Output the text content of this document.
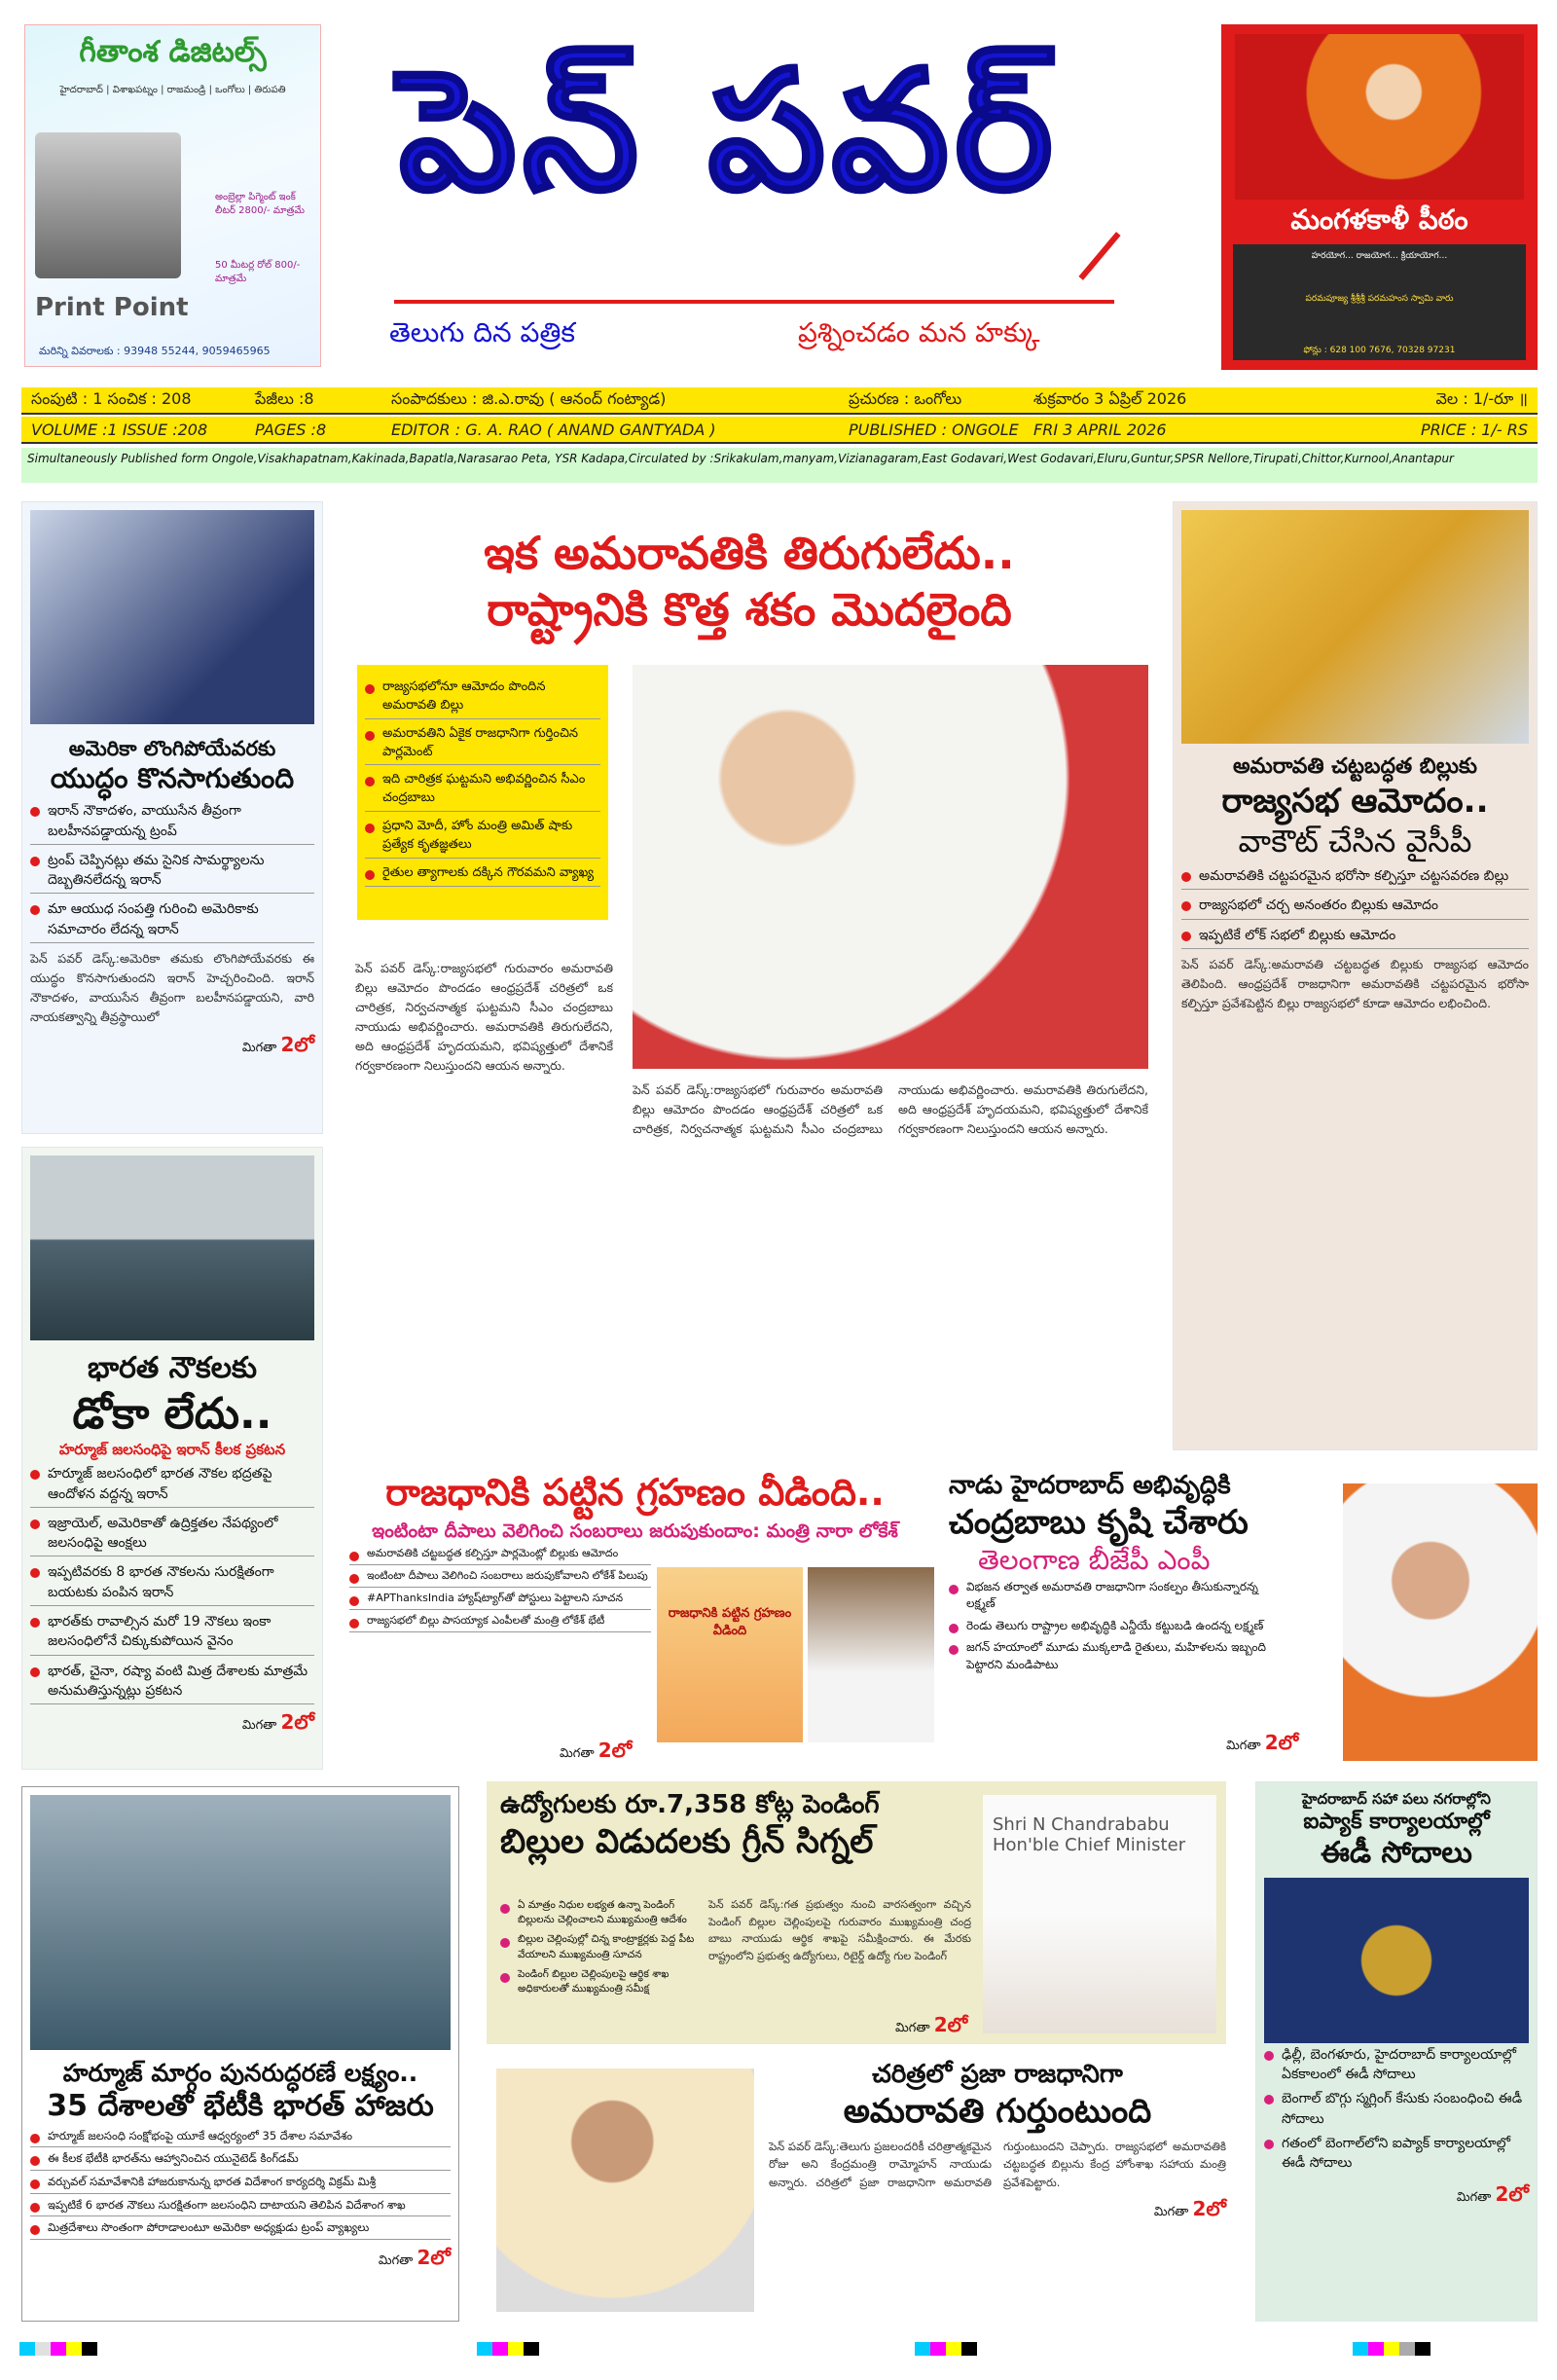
గీతాంశ డిజిటల్స్
హైదరాబాద్ | విశాఖపట్నం | రాజమండ్రి | ఒంగోలు | తిరుపతి
అంబ్రెల్లా పిగ్మెంట్ ఇంక్ లీటర్ 2800/- మాత్రమే
50 మీటర్ల రోల్ 800/- మాత్రమే
Print Point
మరిన్ని వివరాలకు : 93948 55244, 9059465965
పెన్ పవర్
తెలుగు దిన పత్రిక	ప్రశ్నించడం మన హక్కు
మంగళకాళీ పీఠం
హరయోగ... రాజయోగ... క్రియాయోగ...
పరమపూజ్య శ్రీశ్రీశ్రీ పరమహంస స్వామి వారు
ఫోన్లు : 628 100 7676, 70328 97231
సంపుటి : 1 సంచిక : 208	పేజీలు :8	సంపాదకులు : జి.ఎ.రావు ( ఆనంద్ గంట్యాడ)	ప్రచురణ : ఒంగోలు	శుక్రవారం 3 ఏప్రిల్ 2026	వెల : 1/-రూ ॥
VOLUME :1 ISSUE :208	PAGES :8	EDITOR : G. A. RAO ( ANAND GANTYADA )	PUBLISHED : ONGOLE FRI 3 APRIL 2026	PRICE : 1/- RS
Simultaneously Published form Ongole,Visakhapatnam,Kakinada,Bapatla,Narasarao Peta, YSR Kadapa,Circulated by :Srikakulam,manyam,Vizianagaram,East Godavari,West Godavari,Eluru,Guntur,SPSR Nellore,Tirupati,Chittor,Kurnool,Anantapur
అమెరికా లొంగిపోయేవరకు
యుద్ధం కొనసాగుతుంది
ఇరాన్ నౌకాదళం, వాయుసేన తీవ్రంగా బలహీనపడ్డాయన్న ట్రంప్
ట్రంప్ చెప్పినట్లు తమ సైనిక సామర్థ్యాలను దెబ్బతినలేదన్న ఇరాన్
మా ఆయుధ సంపత్తి గురించి అమెరికాకు సమాచారం లేదన్న ఇరాన్
పెన్ పవర్ డెస్క్:అమెరికా తమకు లొంగిపోయేవరకు ఈ యుద్ధం కొనసాగుతుందని ఇరాన్ హెచ్చరించింది. ఇరాన్ నౌకాదళం, వాయుసేన తీవ్రంగా బలహీనపడ్డాయని, వారి నాయకత్వాన్ని తీవ్రస్థాయిలో
మిగతా 2లో
భారత నౌకలకు
డోకా లేదు..
హర్మూజ్ జలసంధిపై ఇరాన్ కీలక ప్రకటన
హర్మూజ్ జలసంధిలో భారత నౌకల భద్రతపై ఆందోళన వద్దన్న ఇరాన్
ఇజ్రాయెల్, అమెరికాతో ఉద్రిక్తతల నేపథ్యంలో జలసంధిపై ఆంక్షలు
ఇప్పటివరకు 8 భారత నౌకలను సురక్షితంగా బయటకు పంపిన ఇరాన్
భారత్‌కు రావాల్సిన మరో 19 నౌకలు ఇంకా జలసంధిలోనే చిక్కుకుపోయిన వైనం
భారత్, చైనా, రష్యా వంటి మిత్ర దేశాలకు మాత్రమే అనుమతిస్తున్నట్లు ప్రకటన
మిగతా 2లో
ఇక అమరావతికి తిరుగులేదు..
రాష్ట్రానికి కొత్త శకం మొదలైంది
రాజ్యసభలోనూ ఆమోదం పొందిన అమరావతి బిల్లు
అమరావతిని ఏకైక రాజధానిగా గుర్తించిన పార్లమెంట్
ఇది చారిత్రక ఘట్టమని అభివర్ణించిన సీఎం చంద్రబాబు
ప్రధాని మోదీ, హోం మంత్రి అమిత్ షాకు ప్రత్యేక కృతజ్ఞతలు
రైతుల త్యాగాలకు దక్కిన గౌరవమని వ్యాఖ్య
పెన్ పవర్ డెస్క్:రాజ్యసభలో గురువారం అమరావతి బిల్లు ఆమోదం పొందడం ఆంధ్రప్రదేశ్ చరిత్రలో ఒక చారిత్రక, నిర్వచనాత్మక ఘట్టమని సీఎం చంద్రబాబు నాయుడు అభివర్ణించారు. అమరావతికి తిరుగులేదని, అది ఆంధ్రప్రదేశ్ హృదయమని, భవిష్యత్తులో దేశానికే గర్వకారణంగా నిలుస్తుందని ఆయన అన్నారు.
పెన్ పవర్ డెస్క్:రాజ్యసభలో గురువారం అమరావతి బిల్లు ఆమోదం పొందడం ఆంధ్రప్రదేశ్ చరిత్రలో ఒక చారిత్రక, నిర్వచనాత్మక ఘట్టమని సీఎం చంద్రబాబు నాయుడు అభివర్ణించారు. అమరావతికి తిరుగులేదని, అది ఆంధ్రప్రదేశ్ హృదయమని, భవిష్యత్తులో దేశానికే గర్వకారణంగా నిలుస్తుందని ఆయన అన్నారు.
అమరావతి చట్టబద్ధత బిల్లుకు
రాజ్యసభ ఆమోదం..
వాకౌట్ చేసిన వైసీపీ
అమరావతికి చట్టపరమైన భరోసా కల్పిస్తూ చట్టసవరణ బిల్లు
రాజ్యసభలో చర్చ అనంతరం బిల్లుకు ఆమోదం
ఇప్పటికే లోక్ సభలో బిల్లుకు ఆమోదం
పెన్ పవర్ డెస్క్:అమరావతి చట్టబద్ధత బిల్లుకు రాజ్యసభ ఆమోదం తెలిపింది. ఆంధ్రప్రదేశ్ రాజధానిగా అమరావతికి చట్టపరమైన భరోసా కల్పిస్తూ ప్రవేశపెట్టిన బిల్లు రాజ్యసభలో కూడా ఆమోదం లభించింది.
రాజధానికి పట్టిన గ్రహణం వీడింది..
ఇంటింటా దీపాలు వెలిగించి సంబరాలు జరుపుకుందాం: మంత్రి నారా లోకేశ్
అమరావతికి చట్టబద్ధత కల్పిస్తూ పార్లమెంట్లో బిల్లుకు ఆమోదం
ఇంటింటా దీపాలు వెలిగించి సంబరాలు జరుపుకోవాలని లోకేశ్ పిలుపు
#APThanksIndia హ్యాష్‌ట్యాగ్‌తో పోస్టులు పెట్టాలని సూచన
రాజ్యసభలో బిల్లు పాసయ్యాక ఎంపీలతో మంత్రి లోకేశ్ భేటీ	రాజధానికి పట్టిన గ్రహణం వీడింది
మిగతా 2లో
నాడు హైదరాబాద్ అభివృద్ధికి
చంద్రబాబు కృషి చేశారు
తెలంగాణ బీజేపీ ఎంపీ
విభజన తర్వాత అమరావతి రాజధానిగా సంకల్పం తీసుకున్నారన్న లక్ష్మణ్
రెండు తెలుగు రాష్ట్రాల అభివృద్ధికి ఎన్డీయే కట్టుబడి ఉందన్న లక్ష్మణ్
జగన్ హయాంలో మూడు ముక్కలాడి రైతులు, మహిళలను ఇబ్బంది పెట్టారని మండిపాటు
మిగతా 2లో
హర్మూజ్ మార్గం పునరుద్ధరణే లక్ష్యం..
35 దేశాలతో భేటీకి భారత్ హాజరు
హర్మూజ్ జలసంధి సంక్షోభంపై యూకే ఆధ్వర్యంలో 35 దేశాల సమావేశం
ఈ కీలక భేటీకి భారత్‌ను ఆహ్వానించిన యునైటెడ్ కింగ్‌డమ్
వర్చువల్ సమావేశానికి హాజరుకానున్న భారత విదేశాంగ కార్యదర్శి విక్రమ్ మిశ్రీ
ఇప్పటికే 6 భారత నౌకలు సురక్షితంగా జలసంధిని దాటాయని తెలిపిన విదేశాంగ శాఖ
మిత్రదేశాలు సొంతంగా పోరాడాలంటూ అమెరికా అధ్యక్షుడు ట్రంప్ వ్యాఖ్యలు
మిగతా 2లో
ఉద్యోగులకు రూ.7,358 కోట్ల పెండింగ్
బిల్లుల విడుదలకు గ్రీన్ సిగ్నల్
ఏ మాత్రం నిధుల లభ్యత ఉన్నా పెండింగ్ బిల్లులను చెల్లించాలని ముఖ్యమంత్రి ఆదేశం
బిల్లుల చెల్లింపుల్లో చిన్న కాంట్రాక్టర్లకు పెద్ద పీట వేయాలని ముఖ్యమంత్రి సూచన
పెండింగ్ బిల్లుల చెల్లింపులపై ఆర్థిక శాఖ అధికారులతో ముఖ్యమంత్రి సమీక్ష
పెన్ పవర్ డెస్క్:గత ప్రభుత్వం నుంచి వారసత్వంగా వచ్చిన పెండింగ్ బిల్లుల చెల్లింపులపై గురువారం ముఖ్యమంత్రి చంద్ర బాబు నాయుడు ఆర్థిక శాఖపై సమీక్షించారు. ఈ మేరకు రాష్ట్రంలోని ప్రభుత్వ ఉద్యోగులు, రిటైర్డ్ ఉద్యో గుల పెండింగ్
మిగతా 2లో
Shri N Chandrababu Hon'ble Chief Minister
చరిత్రలో ప్రజా రాజధానిగా
అమరావతి గుర్తుంటుంది
పెన్ పవర్ డెస్క్:తెలుగు ప్రజలందరికీ చరిత్రాత్మకమైన రోజు అని కేంద్రమంత్రి రామ్మోహన్ నాయుడు అన్నారు. చరిత్రలో ప్రజా రాజధానిగా అమరావతి గుర్తుంటుందని చెప్పారు. రాజ్యసభలో అమరావతికి చట్టబద్ధత బిల్లును కేంద్ర హోంశాఖ సహాయ మంత్రి ప్రవేశపెట్టారు.
మిగతా 2లో
హైదరాబాద్ సహా పలు నగరాల్లోని
ఐప్యాక్ కార్యాలయాల్లో
ఈడీ సోదాలు
ఢిల్లీ, బెంగళూరు, హైదరాబాద్ కార్యాలయాల్లో ఏకకాలంలో ఈడీ సోదాలు
బెంగాల్ బొగ్గు స్మగ్లింగ్ కేసుకు సంబంధించి ఈడీ సోదాలు
గతంలో బెంగాల్‌లోని ఐప్యాక్ కార్యాలయాల్లో ఈడీ సోదాలు
మిగతా 2లో
